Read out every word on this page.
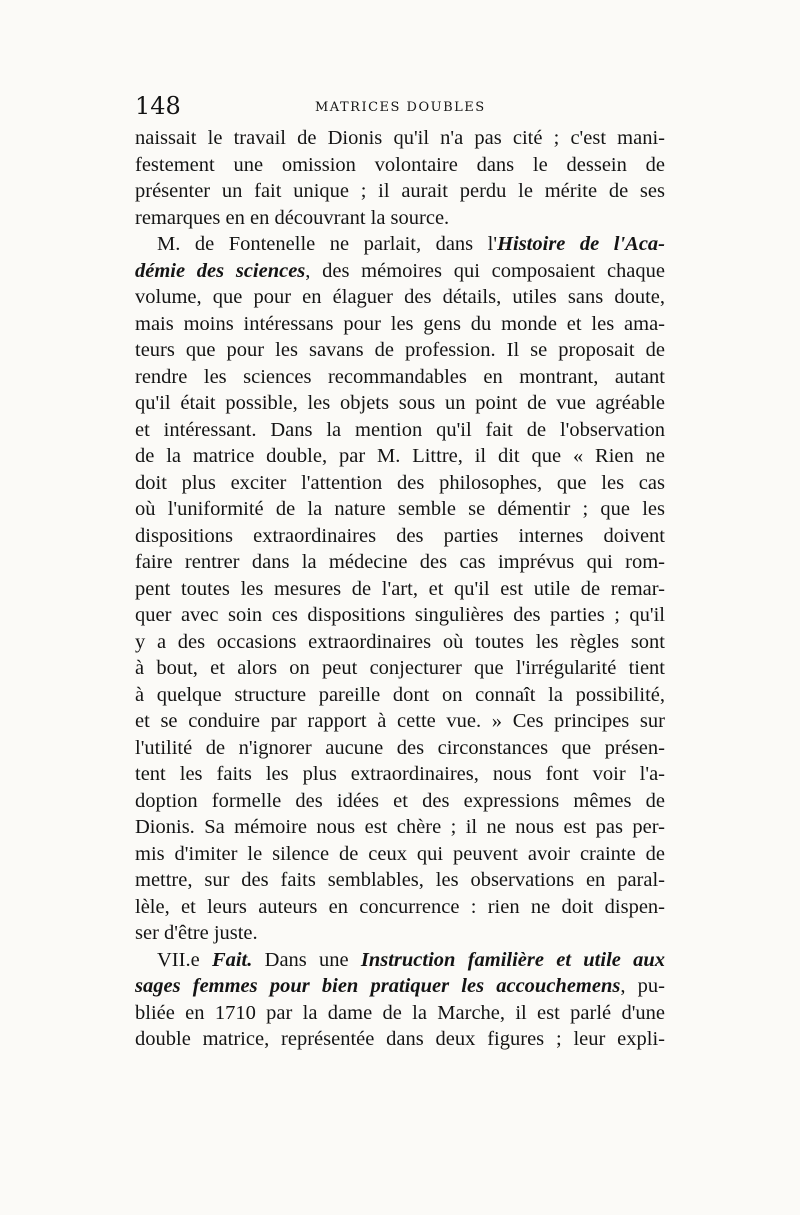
148	MATRICES DOUBLES
naissait le travail de Dionis qu'il n'a pas cité ; c'est mani-
festement une omission volontaire dans le dessein de
présenter un fait unique ; il aurait perdu le mérite de ses
remarques en en découvrant la source.
M. de Fontenelle ne parlait, dans l'Histoire de l'Aca-
démie des sciences, des mémoires qui composaient chaque
volume, que pour en élaguer des détails, utiles sans doute,
mais moins intéressans pour les gens du monde et les ama-
teurs que pour les savans de profession. Il se proposait de
rendre les sciences recommandables en montrant, autant
qu'il était possible, les objets sous un point de vue agréable
et intéressant. Dans la mention qu'il fait de l'observation
de la matrice double, par M. Littre, il dit que « Rien ne
doit plus exciter l'attention des philosophes, que les cas
où l'uniformité de la nature semble se démentir ; que les
dispositions extraordinaires des parties internes doivent
faire rentrer dans la médecine des cas imprévus qui rom-
pent toutes les mesures de l'art, et qu'il est utile de remar-
quer avec soin ces dispositions singulières des parties ; qu'il
y a des occasions extraordinaires où toutes les règles sont
à bout, et alors on peut conjecturer que l'irrégularité tient
à quelque structure pareille dont on connaît la possibilité,
et se conduire par rapport à cette vue. » Ces principes sur
l'utilité de n'ignorer aucune des circonstances que présen-
tent les faits les plus extraordinaires, nous font voir l'a-
doption formelle des idées et des expressions mêmes de
Dionis. Sa mémoire nous est chère ; il ne nous est pas per-
mis d'imiter le silence de ceux qui peuvent avoir crainte de
mettre, sur des faits semblables, les observations en paral-
lèle, et leurs auteurs en concurrence : rien ne doit dispen-
ser d'être juste.
VII.e Fait. Dans une Instruction familière et utile aux
sages femmes pour bien pratiquer les accouchemens, pu-
bliée en 1710 par la dame de la Marche, il est parlé d'une
double matrice, représentée dans deux figures ; leur expli-
